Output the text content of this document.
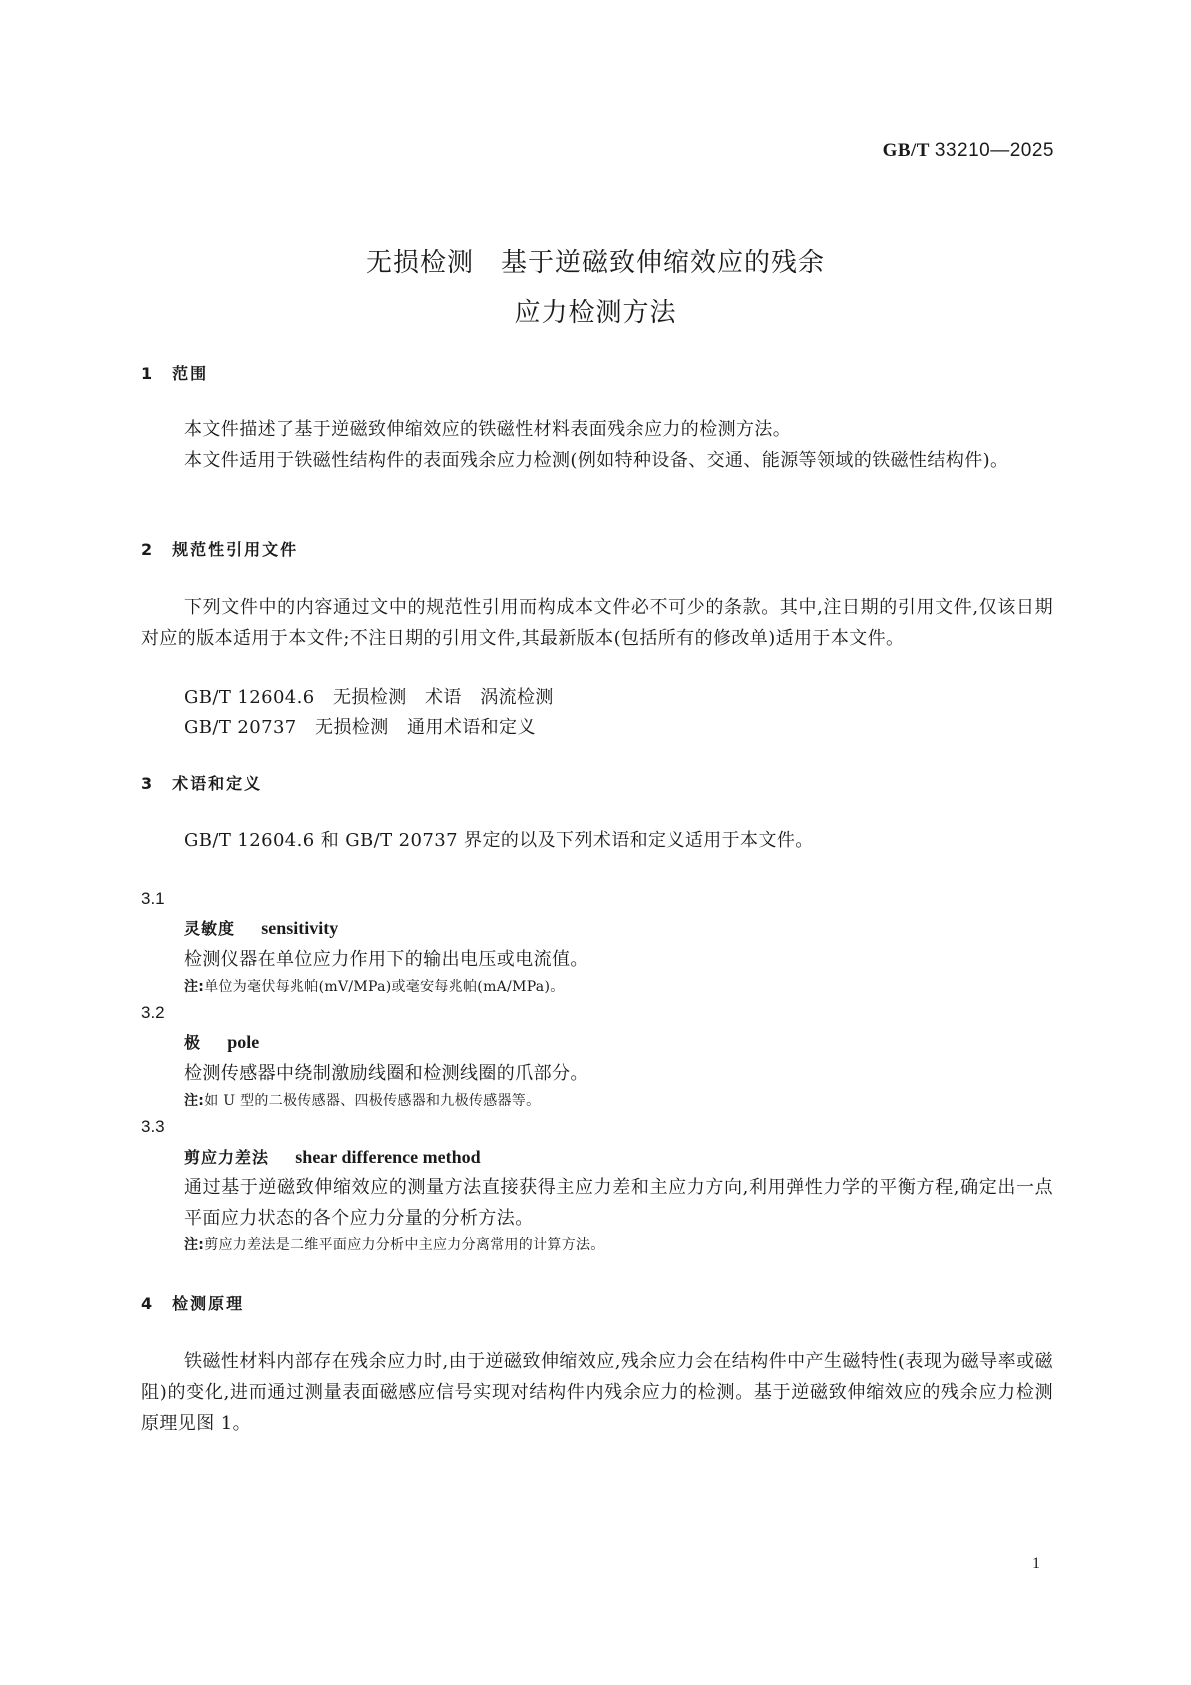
GB/T 33210—2025
无损检测　基于逆磁致伸缩效应的残余
应力检测方法
1　范围
本文件描述了基于逆磁致伸缩效应的铁磁性材料表面残余应力的检测方法。
本文件适用于铁磁性结构件的表面残余应力检测(例如特种设备、交通、能源等领域的铁磁性结构件)。
2　规范性引用文件
下列文件中的内容通过文中的规范性引用而构成本文件必不可少的条款。其中,注日期的引用文件,仅该日期对应的版本适用于本文件;不注日期的引用文件,其最新版本(包括所有的修改单)适用于本文件。
GB/T 12604.6　无损检测　术语　涡流检测
GB/T 20737　无损检测　通用术语和定义
3　术语和定义
GB/T 12604.6 和 GB/T 20737 界定的以及下列术语和定义适用于本文件。
3.1
灵敏度 sensitivity
检测仪器在单位应力作用下的输出电压或电流值。
注:单位为毫伏每兆帕(mV/MPa)或毫安每兆帕(mA/MPa)。
3.2
极 pole
检测传感器中绕制激励线圈和检测线圈的爪部分。
注:如 U 型的二极传感器、四极传感器和九极传感器等。
3.3
剪应力差法 shear difference method
通过基于逆磁致伸缩效应的测量方法直接获得主应力差和主应力方向,利用弹性力学的平衡方程,确定出一点平面应力状态的各个应力分量的分析方法。
注:剪应力差法是二维平面应力分析中主应力分离常用的计算方法。
4　检测原理
铁磁性材料内部存在残余应力时,由于逆磁致伸缩效应,残余应力会在结构件中产生磁特性(表现为磁导率或磁阻)的变化,进而通过测量表面磁感应信号实现对结构件内残余应力的检测。基于逆磁致伸缩效应的残余应力检测原理见图 1。
1
